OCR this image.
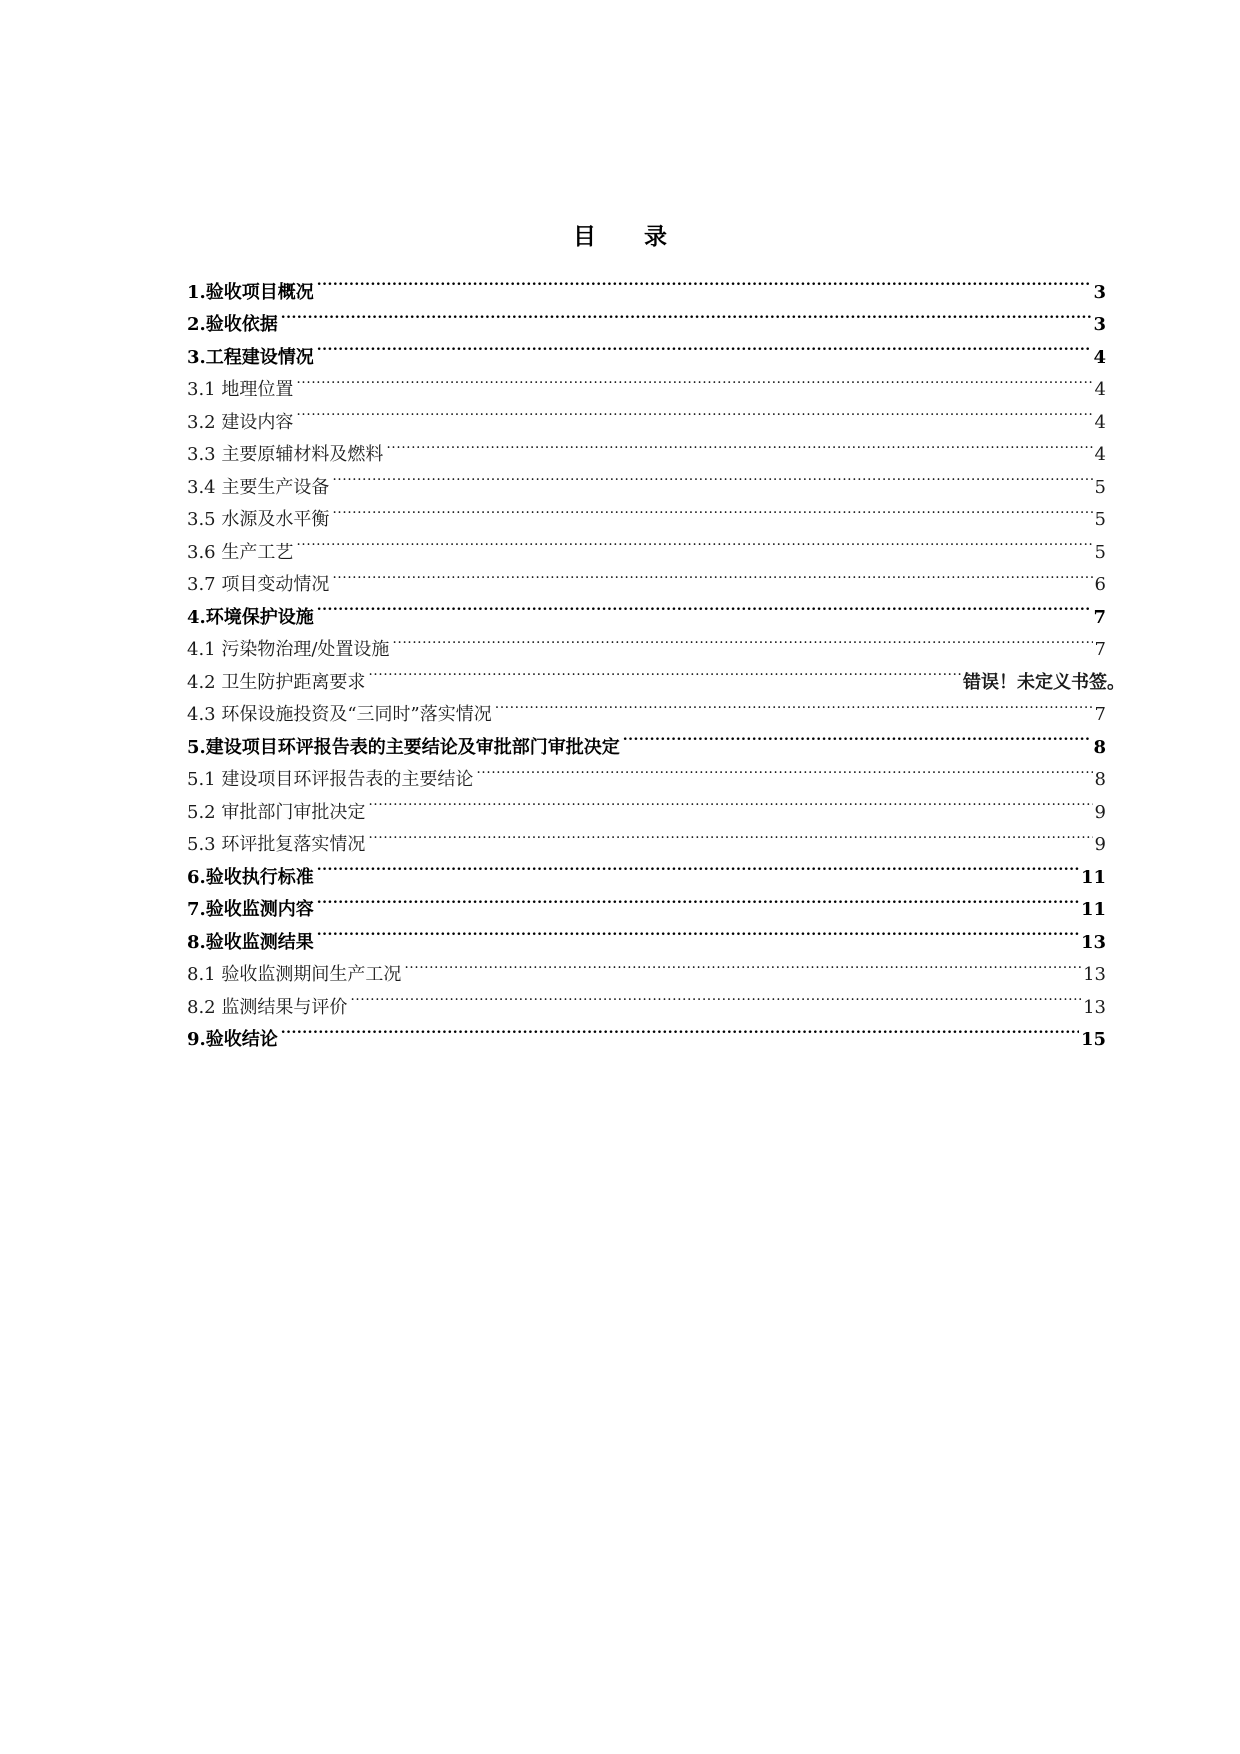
目 录
1.验收项目概况 .....	3
2.验收依据 .....	3
3.工程建设情况 .....	4
3.1 地理位置 .....	4
3.2 建设内容 .....	4
3.3 主要原辅材料及燃料 .....	4
3.4 主要生产设备 .....	5
3.5 水源及水平衡 .....	5
3.6 生产工艺 .....	5
3.7 项目变动情况 .....	6
4.环境保护设施 .....	7
4.1 污染物治理/处置设施 .....	7
4.2 卫生防护距离要求 .....	错误！未定义书签。
4.3 环保设施投资及“三同时”落实情况 .....	7
5.建设项目环评报告表的主要结论及审批部门审批决定 .....	8
5.1 建设项目环评报告表的主要结论 .....	8
5.2 审批部门审批决定 .....	9
5.3 环评批复落实情况 .....	9
6.验收执行标准 .....	11
7.验收监测内容 .....	11
8.验收监测结果 .....	13
8.1 验收监测期间生产工况 .....	13
8.2 监测结果与评价 .....	13
9.验收结论 .....	15
